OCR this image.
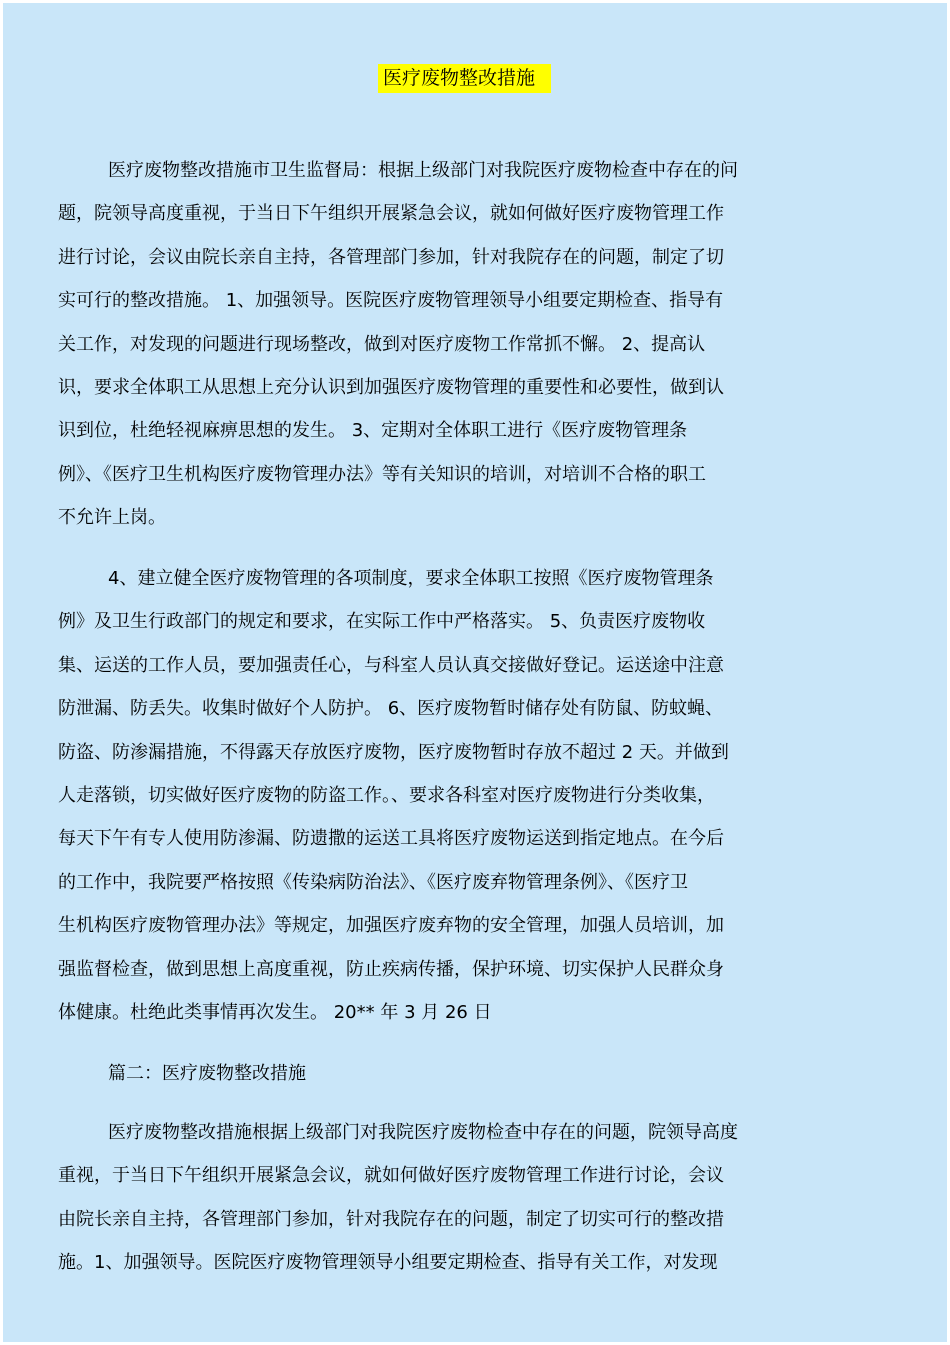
医疗废物整改措施
医疗废物整改措施市卫生监督局：根据上级部门对我院医疗废物检查中存在的问
题，院领导高度重视，于当日下午组织开展紧急会议，就如何做好医疗废物管理工作
进行讨论，会议由院长亲自主持，各管理部门参加，针对我院存在的问题，制定了切
实可行的整改措施。 1、加强领导。医院医疗废物管理领导小组要定期检查、指导有
关工作，对发现的问题进行现场整改，做到对医疗废物工作常抓不懈。 2、提高认
识，要求全体职工从思想上充分认识到加强医疗废物管理的重要性和必要性，做到认
识到位，杜绝轻视麻痹思想的发生。 3、定期对全体职工进行《医疗废物管理条
例》、《医疗卫生机构医疗废物管理办法》等有关知识的培训，对培训不合格的职工
不允许上岗。
4、建立健全医疗废物管理的各项制度，要求全体职工按照《医疗废物管理条
例》及卫生行政部门的规定和要求，在实际工作中严格落实。 5、负责医疗废物收
集、运送的工作人员，要加强责任心，与科室人员认真交接做好登记。运送途中注意
防泄漏、防丢失。收集时做好个人防护。 6、医疗废物暂时储存处有防鼠、防蚊蝇、
防盗、防渗漏措施，不得露天存放医疗废物，医疗废物暂时存放不超过 2 天。并做到
人走落锁，切实做好医疗废物的防盗工作。、要求各科室对医疗废物进行分类收集，
每天下午有专人使用防渗漏、防遗撒的运送工具将医疗废物运送到指定地点。在今后
的工作中，我院要严格按照《传染病防治法》、《医疗废弃物管理条例》、《医疗卫
生机构医疗废物管理办法》等规定，加强医疗废弃物的安全管理，加强人员培训，加
强监督检查，做到思想上高度重视，防止疾病传播，保护环境、切实保护人民群众身
体健康。杜绝此类事情再次发生。 20** 年 3 月 26 日
篇二：医疗废物整改措施
医疗废物整改措施根据上级部门对我院医疗废物检查中存在的问题，院领导高度
重视，于当日下午组织开展紧急会议，就如何做好医疗废物管理工作进行讨论，会议
由院长亲自主持，各管理部门参加，针对我院存在的问题，制定了切实可行的整改措
施。1、加强领导。医院医疗废物管理领导小组要定期检查、指导有关工作，对发现
